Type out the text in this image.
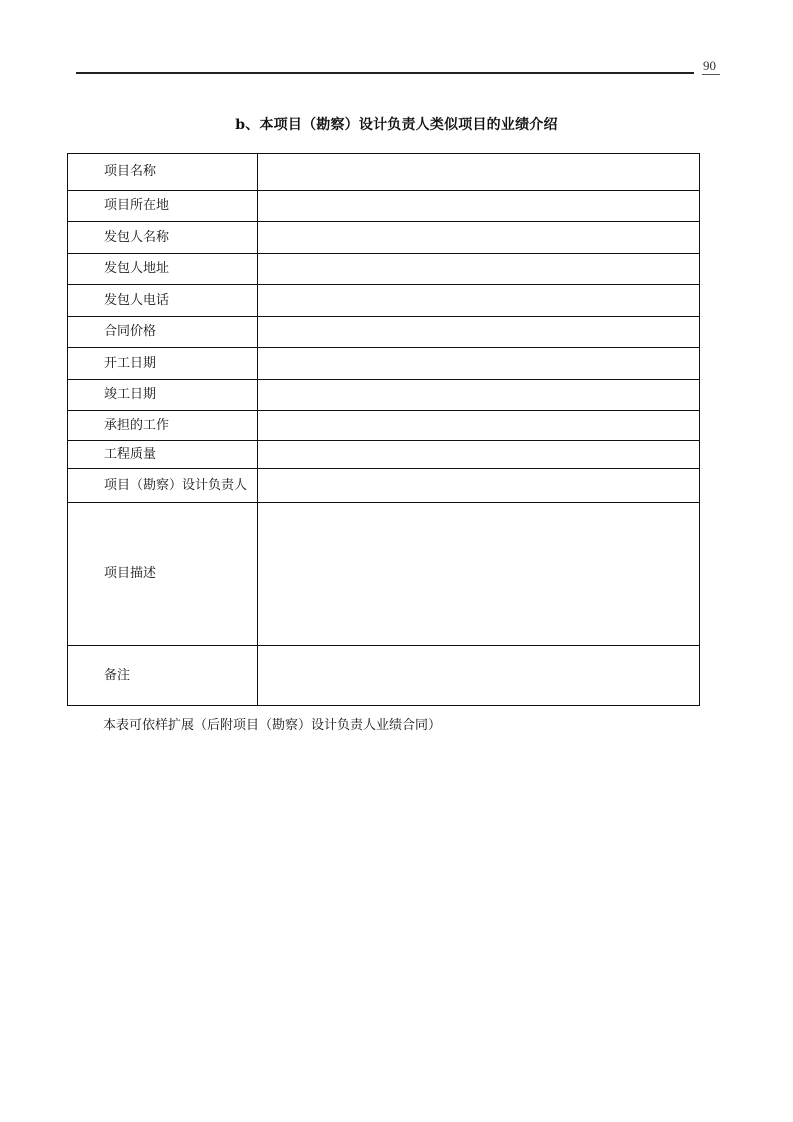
90
b、本项目（勘察）设计负责人类似项目的业绩介绍
项目名称	
项目所在地	
发包人名称	
发包人地址	
发包人电话	
合同价格	
开工日期	
竣工日期	
承担的工作	
工程质量	
项目（勘察）设计负责人	
项目描述	
备注	
本表可依样扩展（后附项目（勘察）设计负责人业绩合同）
